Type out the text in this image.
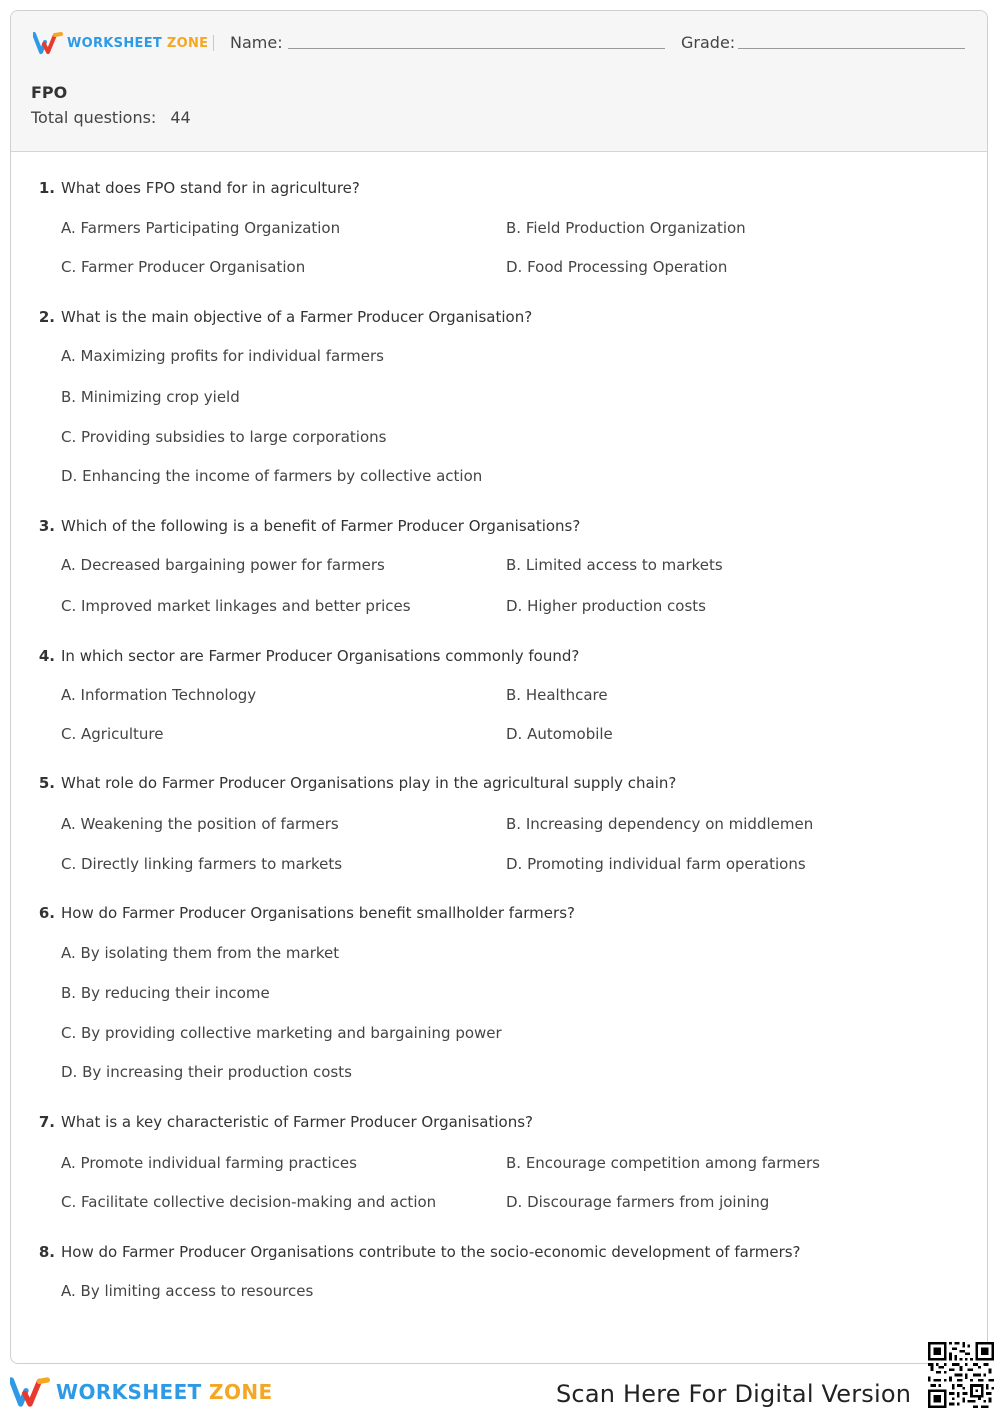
WORKSHEET ZONE Name:	Grade:
FPO
Total questions: 44
1. What does FPO stand for in agriculture?
A. Farmers Participating Organization	B. Field Production Organization
C. Farmer Producer Organisation	D. Food Processing Operation
2. What is the main objective of a Farmer Producer Organisation?
A. Maximizing profits for individual farmers
B. Minimizing crop yield
C. Providing subsidies to large corporations
D. Enhancing the income of farmers by collective action
3. Which of the following is a benefit of Farmer Producer Organisations?
A. Decreased bargaining power for farmers	B. Limited access to markets
C. Improved market linkages and better prices	D. Higher production costs
4. In which sector are Farmer Producer Organisations commonly found?
A. Information Technology	B. Healthcare
C. Agriculture	D. Automobile
5. What role do Farmer Producer Organisations play in the agricultural supply chain?
A. Weakening the position of farmers	B. Increasing dependency on middlemen
C. Directly linking farmers to markets	D. Promoting individual farm operations
6. How do Farmer Producer Organisations benefit smallholder farmers?
A. By isolating them from the market
B. By reducing their income
C. By providing collective marketing and bargaining power
D. By increasing their production costs
7. What is a key characteristic of Farmer Producer Organisations?
A. Promote individual farming practices	B. Encourage competition among farmers
C. Facilitate collective decision-making and action	D. Discourage farmers from joining
8. How do Farmer Producer Organisations contribute to the socio-economic development of farmers?
A. By limiting access to resources
WORKSHEET ZONE	Scan Here For Digital Version
